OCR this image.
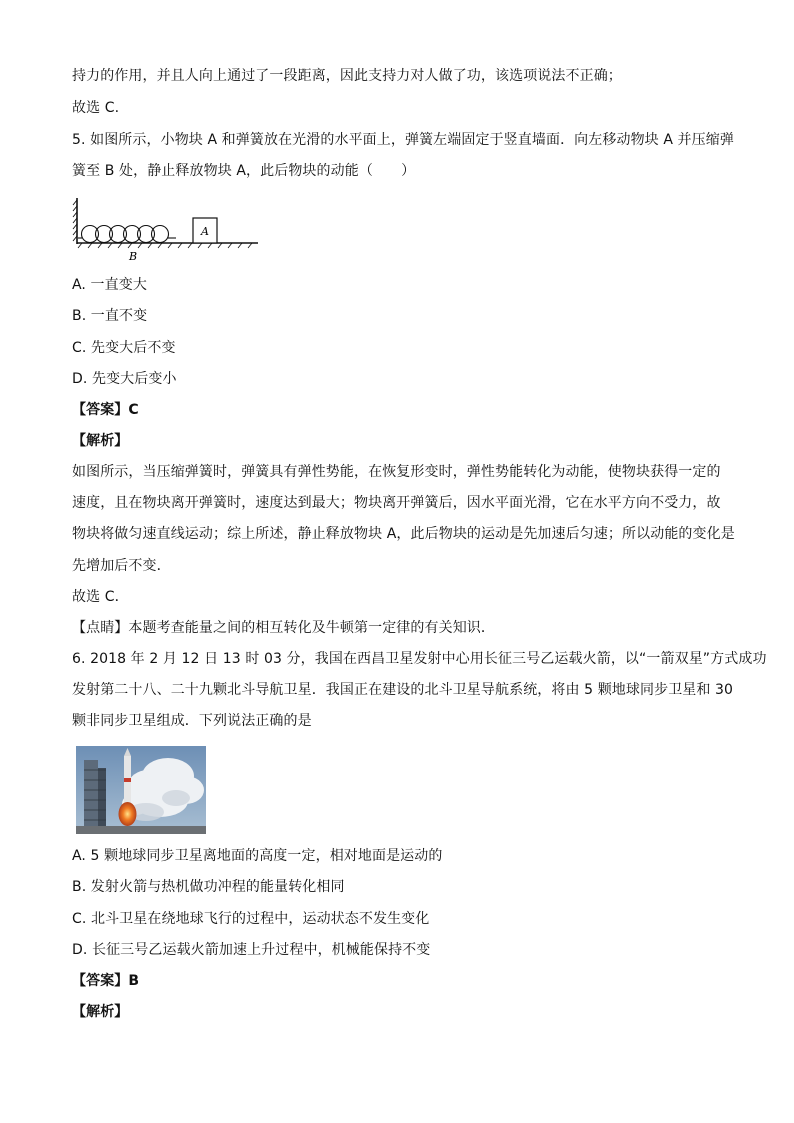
持力的作用，并且人向上通过了一段距离，因此支持力对人做了功，该选项说法不正确；
故选 C.
5. 如图所示，小物块 A 和弹簧放在光滑的水平面上，弹簧左端固定于竖直墙面．向左移动物块 A 并压缩弹
簧至 B 处，静止释放物块 A，此后物块的动能（　　）
A
B
A. 一直变大
B. 一直不变
C. 先变大后不变
D. 先变大后变小
【答案】C
【解析】
如图所示，当压缩弹簧时，弹簧具有弹性势能，在恢复形变时，弹性势能转化为动能，使物块获得一定的
速度，且在物块离开弹簧时，速度达到最大；物块离开弹簧后，因水平面光滑，它在水平方向不受力，故
物块将做匀速直线运动；综上所述，静止释放物块 A，此后物块的运动是先加速后匀速；所以动能的变化是
先增加后不变．
故选 C．
【点睛】本题考查能量之间的相互转化及牛顿第一定律的有关知识．
6. 2018 年 2 月 12 日 13 时 03 分，我国在西昌卫星发射中心用长征三号乙运载火箭，以“一箭双星”方式成功
发射第二十八、二十九颗北斗导航卫星．我国正在建设的北斗卫星导航系统，将由 5 颗地球同步卫星和 30
颗非同步卫星组成．下列说法正确的是
A. 5 颗地球同步卫星离地面的高度一定，相对地面是运动的
B. 发射火箭与热机做功冲程的能量转化相同
C. 北斗卫星在绕地球飞行的过程中，运动状态不发生变化
D. 长征三号乙运载火箭加速上升过程中，机械能保持不变
【答案】B
【解析】
